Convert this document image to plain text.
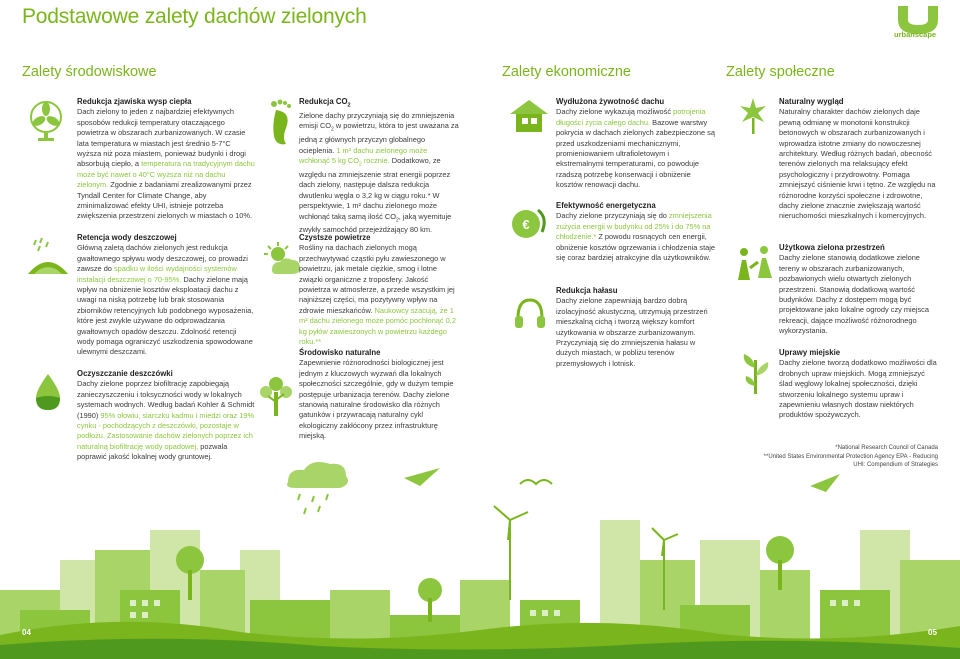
Podstawowe zalety dachów zielonych
urbanscape
Zalety środowiskowe	Zalety ekonomiczne	Zalety społeczne
Redukcja zjawiska wysp ciepła

Dach zielony to jeden z najbardziej efektywnych sposobów redukcji temperatury otaczającego powietrza w obszarach zurbanizowanych. W czasie lata temperatura w miastach jest średnio 5-7°C wyższa niż poza miastem, ponieważ budynki i drogi absorbują ciepło, a temperatura na tradycyjnym dachu może być nawet o 40°C wyższa niż na dachu zielonym. Zgodnie z badaniami zrealizowanymi przez Tyndall Center for Climate Change, aby zminimalizować efekty UHI, istnieje potrzeba zwiększenia przestrzeni zielonych w miastach o 10%.

Retencja wody deszczowej

Główną zaletą dachów zielonych jest redukcja gwałtownego spływu wody deszczowej, co prowadzi zawsze do spadku w ilości wydajności systemów instalacji deszczowej o 70-95%. Dachy zielone mają wpływ na obniżenie kosztów eksploatacji dachu z uwagi na niską potrzebę lub brak stosowania zbiorników retencyjnych lub podobnego wyposażenia, które jest zwykle używane do odprowadzania gwałtownych opadów deszczu. Zdolność retencji wody pomaga ograniczyć uszkodzenia spowodowane ulewnymi deszczami.

Oczyszczanie deszczówki

Dachy zielone poprzez biofiltrację zapobiegają zanieczyszczeniu i toksyczności wody w lokalnych systemach wodnych. Według badań Kohler & Schmidt (1990) 95% ołowiu, siarczku kadmu i miedzi oraz 19% cynku - pochodzących z deszczówki, pozostaje w podłożu. Zastosowanie dachów zielonych poprzez ich naturalną biofiltrację wody opadowej, pozwala poprawić jakość lokalnej wody gruntowej.

Redukcja $CO_2$

Zielone dachy przyczyniają się do zmniejszenia emisji $CO_2$ w powietrzu, która to jest uważana za jedną z głównych przyczyn globalnego ocieplenia. 1 m² dachu zielonego może wchłonąć 5 kg $CO_2$ rocznie. Dodatkowo, ze względu na zmniejszenie strat energii poprzez dach zielony, następuje dalsza redukcja dwutlenku węgla o 3,2 kg w ciągu roku.* W perspektywie, 1 m² dachu zielonego może wchłonąć taką samą ilość $CO_2$, jaką wyemituje zwykły samochód przejeżdżający 80 km.

Czystsze powietrze

Rośliny na dachach zielonych mogą przechwytywać cząstki pyłu zawieszonego w powietrzu, jak metale ciężkie, smog i lotne związki organiczne z troposfery. Jakość powietrza w atmosferze, a przede wszystkim jej najniższej części, ma pozytywny wpływ na zdrowie mieszkańców. Naukowcy szacują, że 1 m² dachu zielonego może pomóc pochłonąć 0,2 kg pyłów zawieszonych w powietrzu każdego roku.**

Środowisko naturalne

Zapewnienie różnorodności biologicznej jest jednym z kluczowych wyzwań dla lokalnych społeczności szczególnie, gdy w dużym tempie postępuje urbanizacja terenów. Dachy zielone stanowią naturalne środowisko dla różnych gatunków i przywracają naturalny cykl ekologiczny zakłócony przez infrastrukturę miejską.

€
Wydłużona żywotność dachu

Dachy zielone wykazują możliwość potrojenia długości życia całego dachu. Bazowe warstwy pokrycia w dachach zielonych zabezpieczone są przed uszkodzeniami mechanicznymi, promieniowaniem ultrafioletowym i ekstremalnymi temperaturami, co powoduje rzadszą potrzebę konserwacji i obniżenie kosztów renowacji dachu.

Efektywność energetyczna

Dachy zielone przyczyniają się do zmniejszenia zużycia energii w budynku od 25% i do 75% na chłodzenie.* Z powodu rosnących cen energii, obniżenie kosztów ogrzewania i chłodzenia staje się coraz bardziej atrakcyjne dla użytkowników.

Redukcja hałasu

Dachy zielone zapewniają bardzo dobrą izolacyjność akustyczną, utrzymują przestrzeń mieszkalną cichą i tworzą większy komfort użytkowania w obszarze zurbanizowanym. Przyczyniają się do zmniejszenia hałasu w dużych miastach, w pobliżu terenów przemysłowych i lotnisk.

Naturalny wygląd

Naturalny charakter dachów zielonych daje pewną odmianę w monotonii konstrukcji betonowych w obszarach zurbanizowanych i wprowadza istotne zmiany do nowoczesnej architektury. Według różnych badań, obecność terenów zielonych ma relaksujący efekt psychologiczny i przydrowotny. Pomaga zmniejszyć ciśnienie krwi i tętno. Ze względu na różnorodne korzyści społeczne i zdrowotne, dachy zielone znacznie zwiększają wartość nieruchomości mieszkalnych i komercyjnych.

Użytkowa zielona przestrzeń

Dachy zielone stanowią dodatkowe zielone tereny w obszarach zurbanizowanych, pozbawionych wielu otwartych zielonych przestrzeni. Stanowią dodatkową wartość budynków. Dachy z dostępem mogą być projektowane jako lokalne ogrody czy miejsca rekreacji, dające możliwość różnorodnego wykorzystania.

Uprawy miejskie

Dachy zielone tworzą dodatkowo możliwości dla drobnych upraw miejskich. Mogą zmniejszyć ślad węglowy lokalnej społeczności, dzięki stworzeniu lokalnego systemu upraw i zapewnieniu własnych dostaw niektórych produktów spożywczych.

*National Research Council of Canada
**United States Environmental Protection Agency EPA - Reducing UHI: Compendium of Strategies
04	05
